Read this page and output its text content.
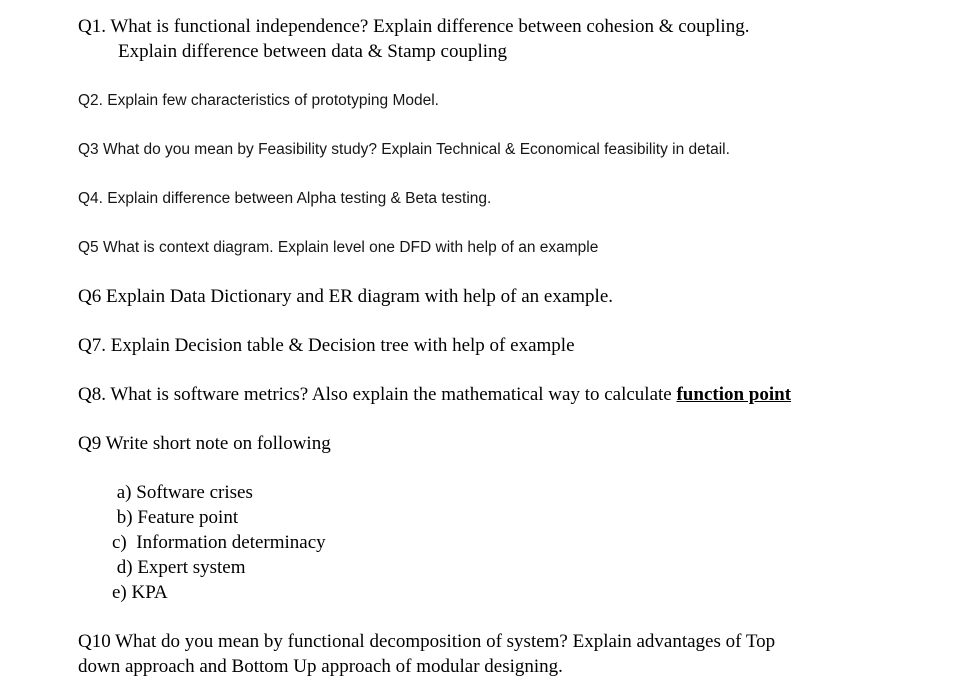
Q1. What is functional independence? Explain difference between cohesion & coupling.
Explain difference between data & Stamp coupling
Q2. Explain few characteristics of prototyping Model.
Q3 What do you mean by Feasibility study? Explain Technical & Economical feasibility in detail.
Q4. Explain difference between Alpha testing & Beta testing.
Q5 What is context diagram. Explain level one DFD with help of an example
Q6 Explain Data Dictionary and ER diagram with help of an example.
Q7. Explain Decision table & Decision tree with help of example
Q8. What is software metrics? Also explain the mathematical way to calculate function point
Q9 Write short note on following
a) Software crises
b) Feature point
c)  Information determinacy
d) Expert system
e) KPA
Q10 What do you mean by functional decomposition of system? Explain advantages of Top
down approach and Bottom Up approach of modular designing.
